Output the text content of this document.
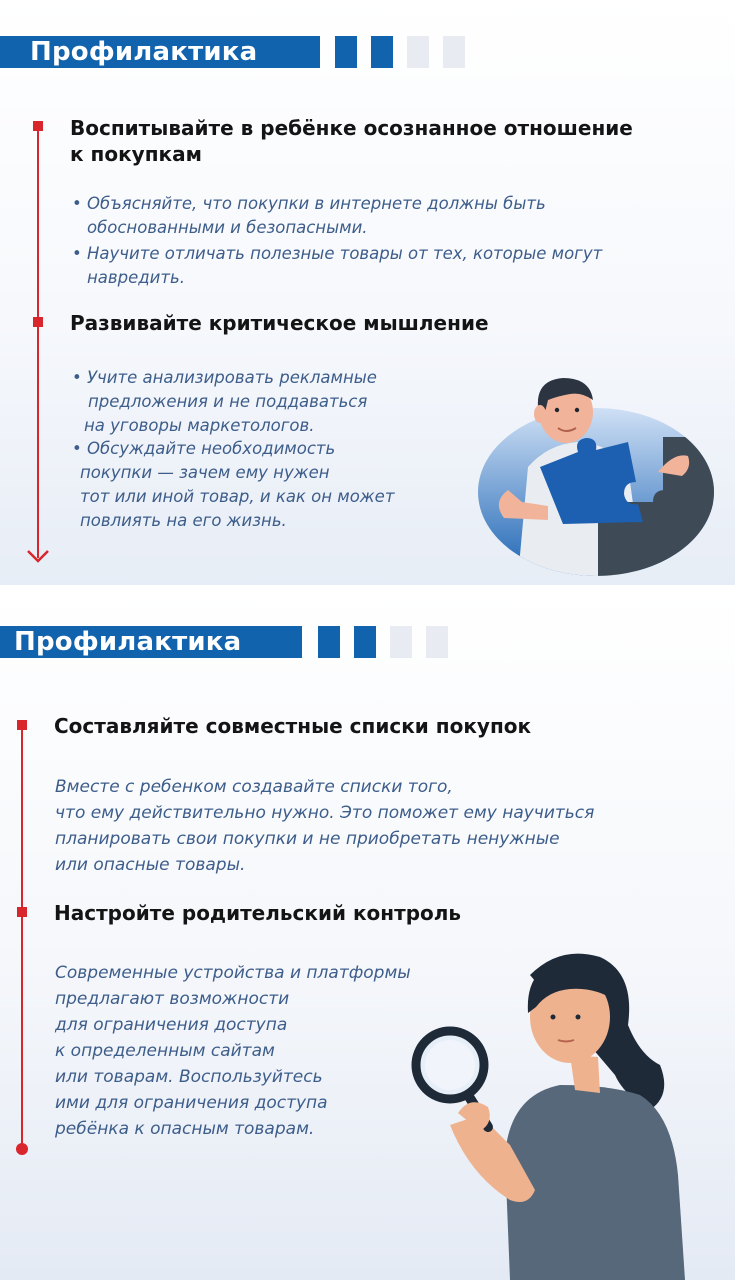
Профилактика
Воспитывайте в ребёнке осознанное отношение
к покупкам
• Объясняйте, что покупки в интернете должны быть
обоснованными и безопасными.
• Научите отличать полезные товары от тех, которые могут
навредить.
Развивайте критическое мышление
• Учите анализировать рекламные
предложения и не поддаваться
на уговоры маркетологов.
• Обсуждайте необходимость
покупки — зачем ему нужен
тот или иной товар, и как он может
повлиять на его жизнь.
Профилактика
Составляйте совместные списки покупок
Вместе с ребенком создавайте списки того,
что ему действительно нужно. Это поможет ему научиться
планировать свои покупки и не приобретать ненужные
или опасные товары.
Настройте родительский контроль
Современные устройства и платформы
предлагают возможности
для ограничения доступа
к определенным сайтам
или товарам. Воспользуйтесь
ими для ограничения доступа
ребёнка к опасным товарам.
